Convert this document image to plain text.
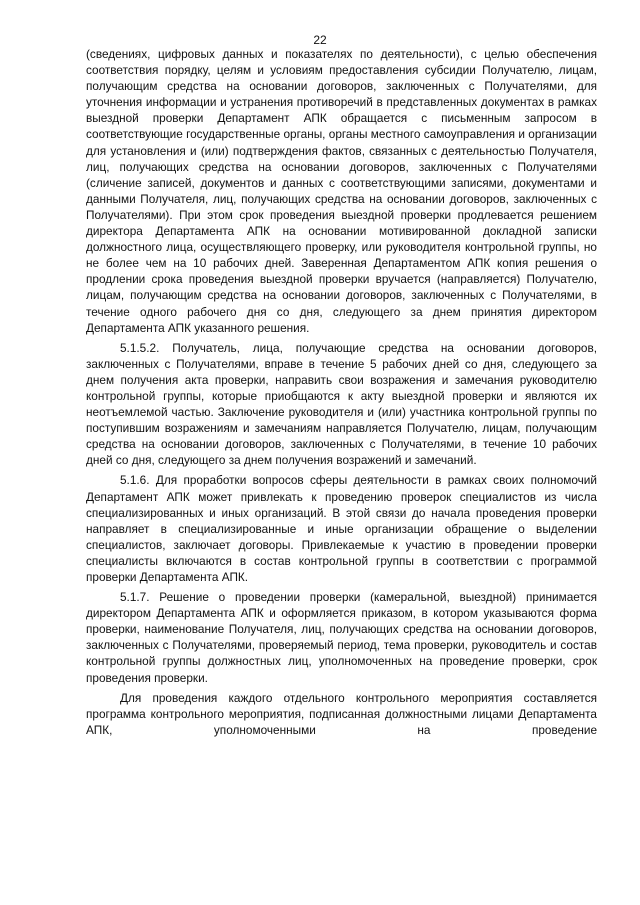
22

(сведениях, цифровых данных и показателях по деятельности), с целью обеспечения соответствия порядку, целям и условиям предоставления субсидии Получателю, лицам, получающим средства на основании договоров, заключенных с Получателями, для уточнения информации и устранения противоречий в представленных документах в рамках выездной проверки Департамент АПК обращается с письменным запросом в соответствующие государственные органы, органы местного самоуправления и организации для установления и (или) подтверждения фактов, связанных с деятельностью Получателя, лиц, получающих средства на основании договоров, заключенных с Получателями (сличение записей, документов и данных с соответствующими записями, документами и данными Получателя, лиц, получающих средства на основании договоров, заключенных с Получателями). При этом срок проведения выездной проверки продлевается решением директора Департамента АПК на основании мотивированной докладной записки должностного лица, осуществляющего проверку, или руководителя контрольной группы, но не более чем на 10 рабочих дней. Заверенная Департаментом АПК копия решения о продлении срока проведения выездной проверки вручается (направляется) Получателю, лицам, получающим средства на основании договоров, заключенных с Получателями, в течение одного рабочего дня со дня, следующего за днем принятия директором Департамента АПК указанного решения.

5.1.5.2. Получатель, лица, получающие средства на основании договоров, заключенных с Получателями, вправе в течение 5 рабочих дней со дня, следующего за днем получения акта проверки, направить свои возражения и замечания руководителю контрольной группы, которые приобщаются к акту выездной проверки и являются их неотъемлемой частью. Заключение руководителя и (или) участника контрольной группы по поступившим возражениям и замечаниям направляется Получателю, лицам, получающим средства на основании договоров, заключенных с Получателями, в течение 10 рабочих дней со дня, следующего за днем получения возражений и замечаний.

5.1.6. Для проработки вопросов сферы деятельности в рамках своих полномочий Департамент АПК может привлекать к проведению проверок специалистов из числа специализированных и иных организаций. В этой связи до начала проведения проверки направляет в специализированные и иные организации обращение о выделении специалистов, заключает договоры. Привлекаемые к участию в проведении проверки специалисты включаются в состав контрольной группы в соответствии с программой проверки Департамента АПК.

5.1.7. Решение о проведении проверки (камеральной, выездной) принимается директором Департамента АПК и оформляется приказом, в котором указываются форма проверки, наименование Получателя, лиц, получающих средства на основании договоров, заключенных с Получателями, проверяемый период, тема проверки, руководитель и состав контрольной группы должностных лиц, уполномоченных на проведение проверки, срок проведения проверки.

Для проведения каждого отдельного контрольного мероприятия составляется программа контрольного мероприятия, подписанная должностными лицами Департамента АПК, уполномоченными на проведение
